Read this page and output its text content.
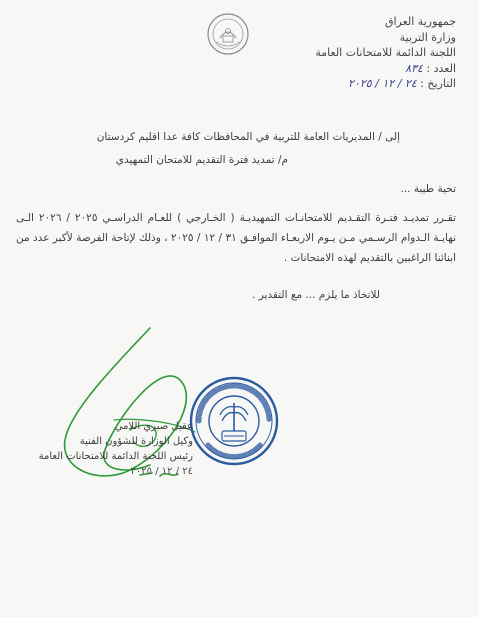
جمهورية العراق
وزارة التربية
اللجنة الدائمة للامتحانات العامة
العدد : ٨٣٤
التاريخ : ٢٤ / ١٢ / ٢٠٢٥
إلى / المديريات العامة للتربية في المحافظات كافة عدا اقليم كردستان
م/ تمديد فترة التقديم للامتحان التمهيدي
تحية طيبة ...

تقـرر تمديـد فتـرة التقـديم للامتحانـات التمهيديـة ( الخـارجي ) للعـام الدراسـي ٢٠٢٥ / ٢٠٢٦ الـى نهايـة الـدوام الرسـمي مـن يـوم الاربعـاء الموافـق ٣١ / ١٢ / ٢٠٢٥ ، وذلك لإتاحة الفرصة لأكبر عدد من ابنائنا الراغبين بالتقديم لهذه الامتحانات .

للاتخاذ ما يلزم ... مع التقدير .
عقيل صبري اللامي
وكيل الوزارة للشؤون الفنية
رئيس اللجنة الدائمة للامتحانات العامة
٢٤ / ١٢ / ٢٠٢٥
